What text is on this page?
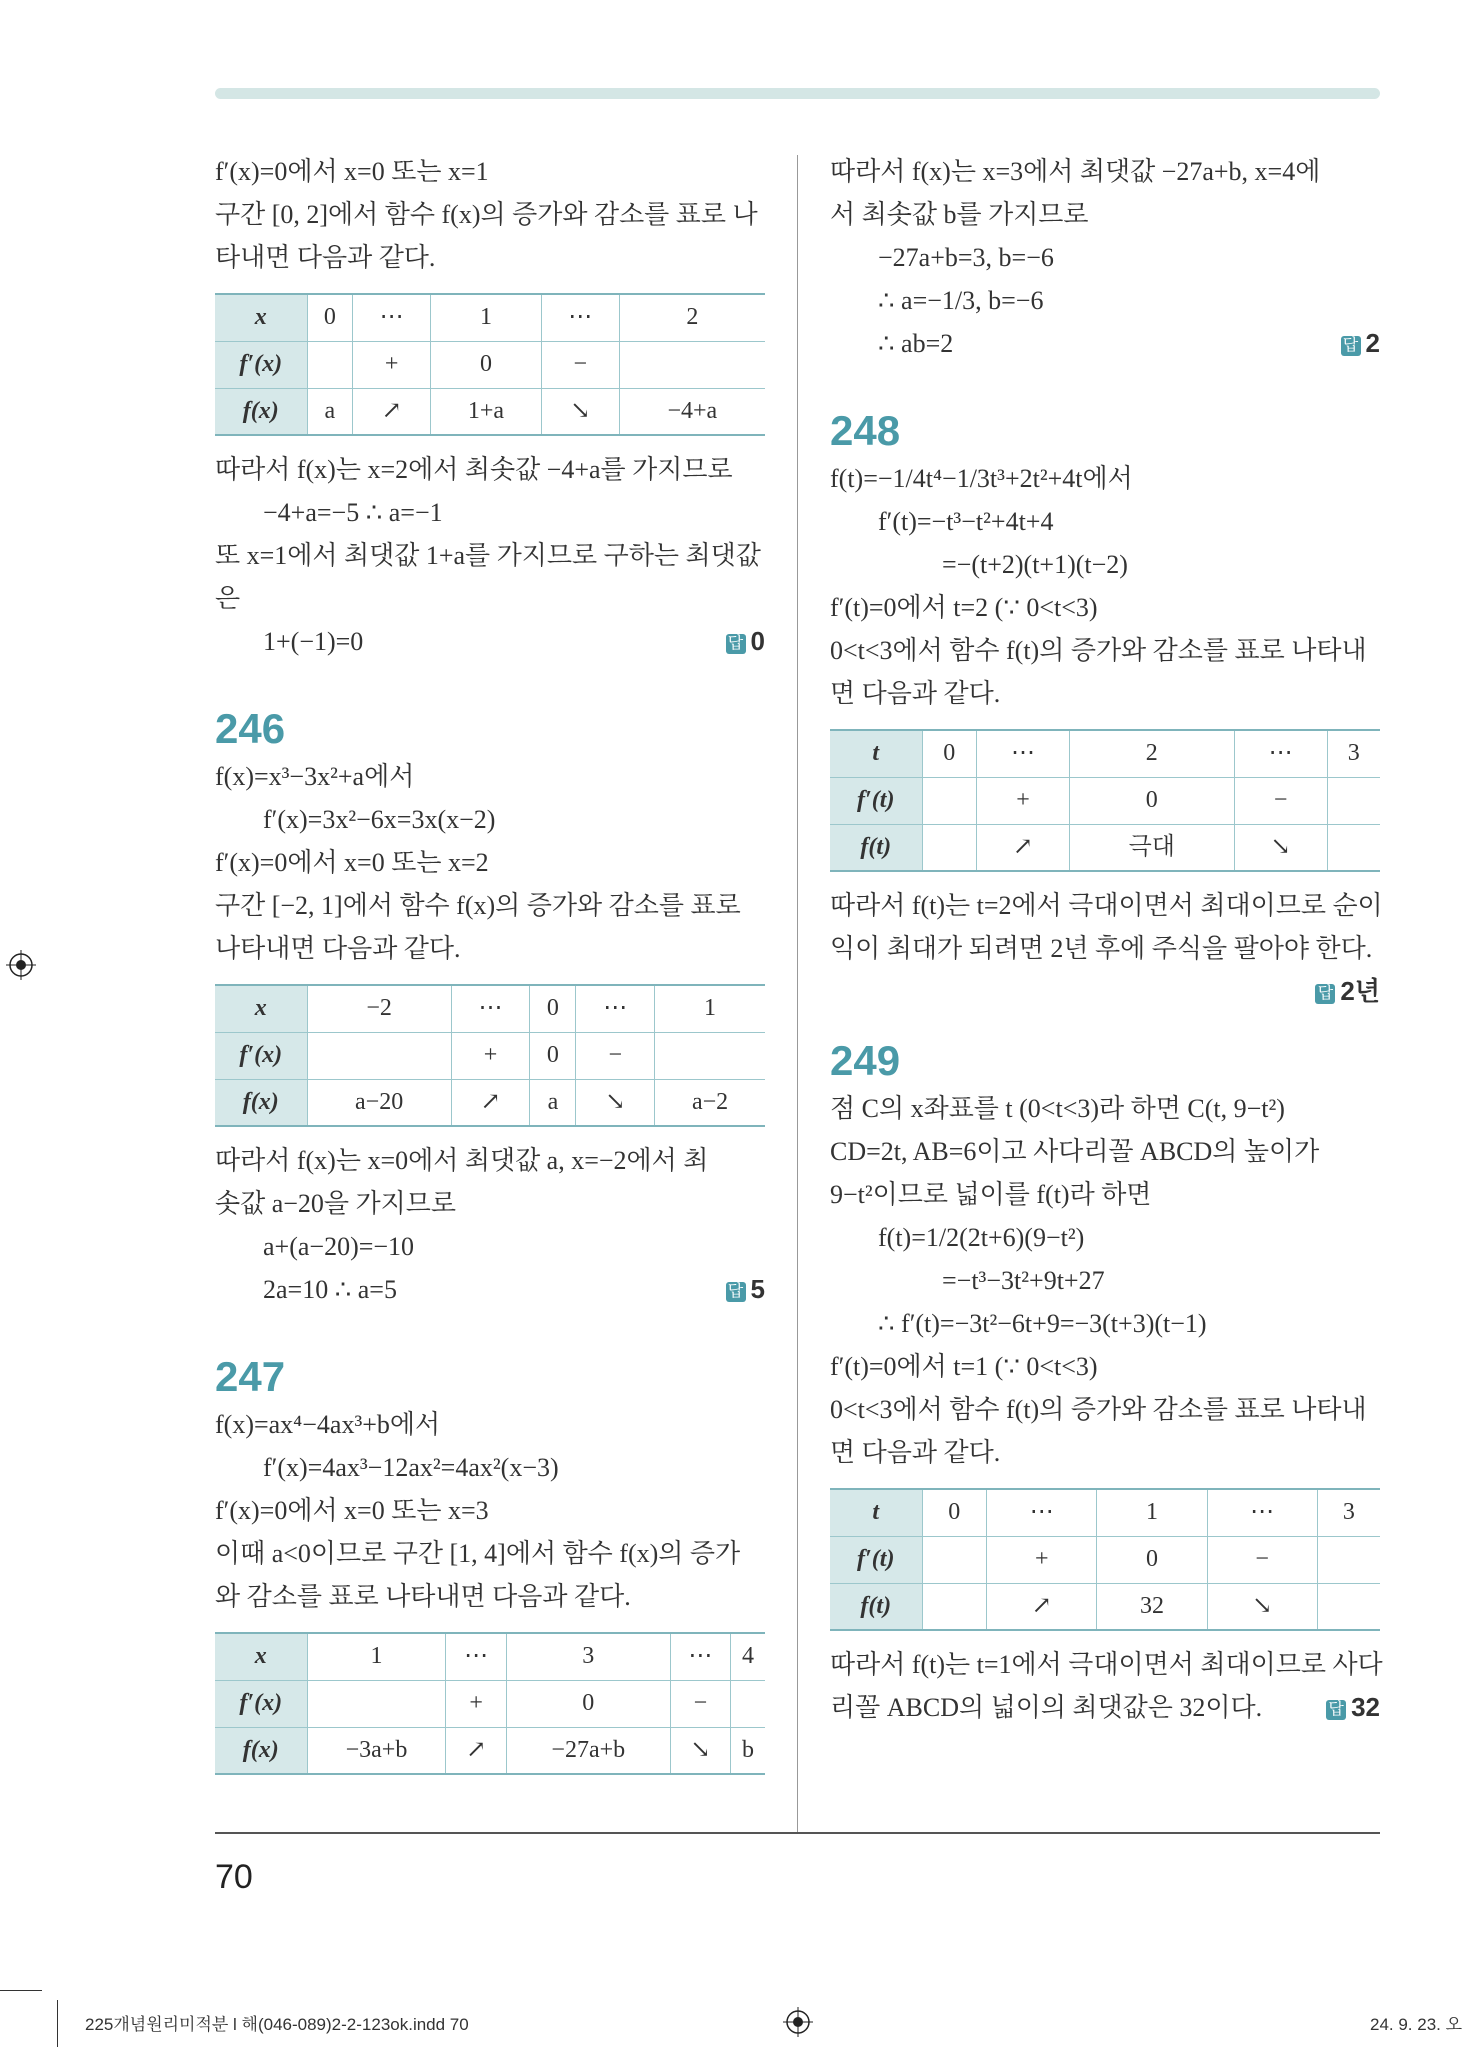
f′(x)=0에서 x=0 또는 x=1
구간 [0, 2]에서 함수 f(x)의 증가와 감소를 표로 나
타내면 다음과 같다.
x	0	⋯	1	⋯	2
f′(x)		+	0	−	
f(x)	a	↗	1+a	↘	−4+a
따라서 f(x)는 x=2에서 최솟값 −4+a를 가지므로
−4+a=−5 ∴ a=−1
또 x=1에서 최댓값 1+a를 가지므로 구하는 최댓값
은
1+(−1)=0	답 0
246
f(x)=x³−3x²+a에서
f′(x)=3x²−6x=3x(x−2)
f′(x)=0에서 x=0 또는 x=2
구간 [−2, 1]에서 함수 f(x)의 증가와 감소를 표로
나타내면 다음과 같다.
x	−2	⋯	0	⋯	1
f′(x)		+	0	−	
f(x)	a−20	↗	a	↘	a−2
따라서 f(x)는 x=0에서 최댓값 a, x=−2에서 최
솟값 a−20을 가지므로
a+(a−20)=−10
2a=10 ∴ a=5	답 5
247
f(x)=ax⁴−4ax³+b에서
f′(x)=4ax³−12ax²=4ax²(x−3)
f′(x)=0에서 x=0 또는 x=3
이때 a<0이므로 구간 [1, 4]에서 함수 f(x)의 증가
와 감소를 표로 나타내면 다음과 같다.
x	1	⋯	3	⋯	4
f′(x)		+	0	−	
f(x)	−3a+b	↗	−27a+b	↘	b
따라서 f(x)는 x=3에서 최댓값 −27a+b, x=4에
서 최솟값 b를 가지므로
−27a+b=3, b=−6
∴ a=−1/3, b=−6
∴ ab=2	답 2
248
f(t)=−1/4t⁴−1/3t³+2t²+4t에서
f′(t)=−t³−t²+4t+4
=−(t+2)(t+1)(t−2)
f′(t)=0에서 t=2 (∵ 0<t<3)
0<t<3에서 함수 f(t)의 증가와 감소를 표로 나타내
면 다음과 같다.
t	0	⋯	2	⋯	3
f′(t)		+	0	−	
f(t)		↗	극대	↘	
따라서 f(t)는 t=2에서 극대이면서 최대이므로 순이
익이 최대가 되려면 2년 후에 주식을 팔아야 한다.
답 2년
249
점 C의 x좌표를 t (0<t<3)라 하면 C(t, 9−t²)
CD=2t, AB=6이고 사다리꼴 ABCD의 높이가
9−t²이므로 넓이를 f(t)라 하면
f(t)=1/2(2t+6)(9−t²)
=−t³−3t²+9t+27
∴ f′(t)=−3t²−6t+9=−3(t+3)(t−1)
f′(t)=0에서 t=1 (∵ 0<t<3)
0<t<3에서 함수 f(t)의 증가와 감소를 표로 나타내
면 다음과 같다.
t	0	⋯	1	⋯	3
f′(t)		+	0	−	
f(t)		↗	32	↘	
따라서 f(t)는 t=1에서 극대이면서 최대이므로 사다
리꼴 ABCD의 넓이의 최댓값은 32이다.	답 32
70
225개념원리미적분 l 해(046-089)2-2-123ok.indd 70	24. 9. 23. 오
